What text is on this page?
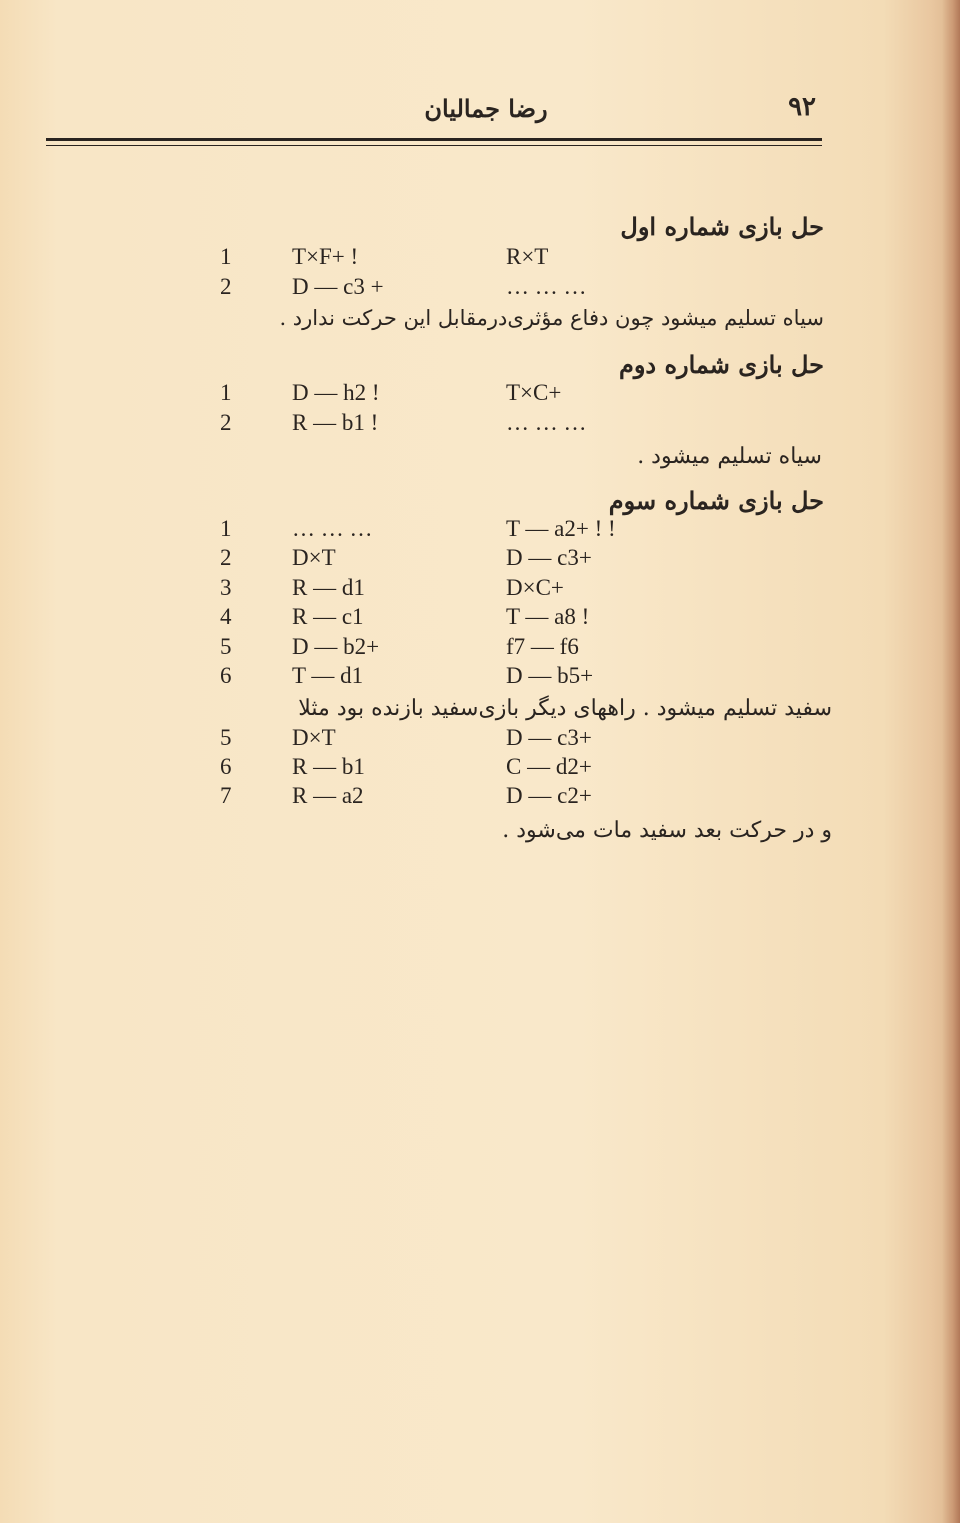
۹۲
رضا جمالیان
حل بازی شماره اول
1	T×F+ !	R×T
2	D — c3 +	… … …
سیاه تسلیم میشود چون دفاع مؤثری‌درمقابل این حرکت ندارد .
حل بازی شماره دوم
1	D — h2 !	T×C+
2	R — b1 !	… … …
سیاه تسلیم میشود .
حل بازی شماره سوم
1	… … …	T — a2+ ! !
2	D×T	D — c3+
3	R — d1	D×C+
4	R — c1	T — a8 !
5	D — b2+	f7 — f6
6	T — d1	D — b5+
سفید تسلیم میشود . راههای دیگر بازی‌سفید بازنده بود مثلا
5	D×T	D — c3+
6	R — b1	C — d2+
7	R — a2	D — c2+
و در حرکت بعد سفید مات می‌شود .
